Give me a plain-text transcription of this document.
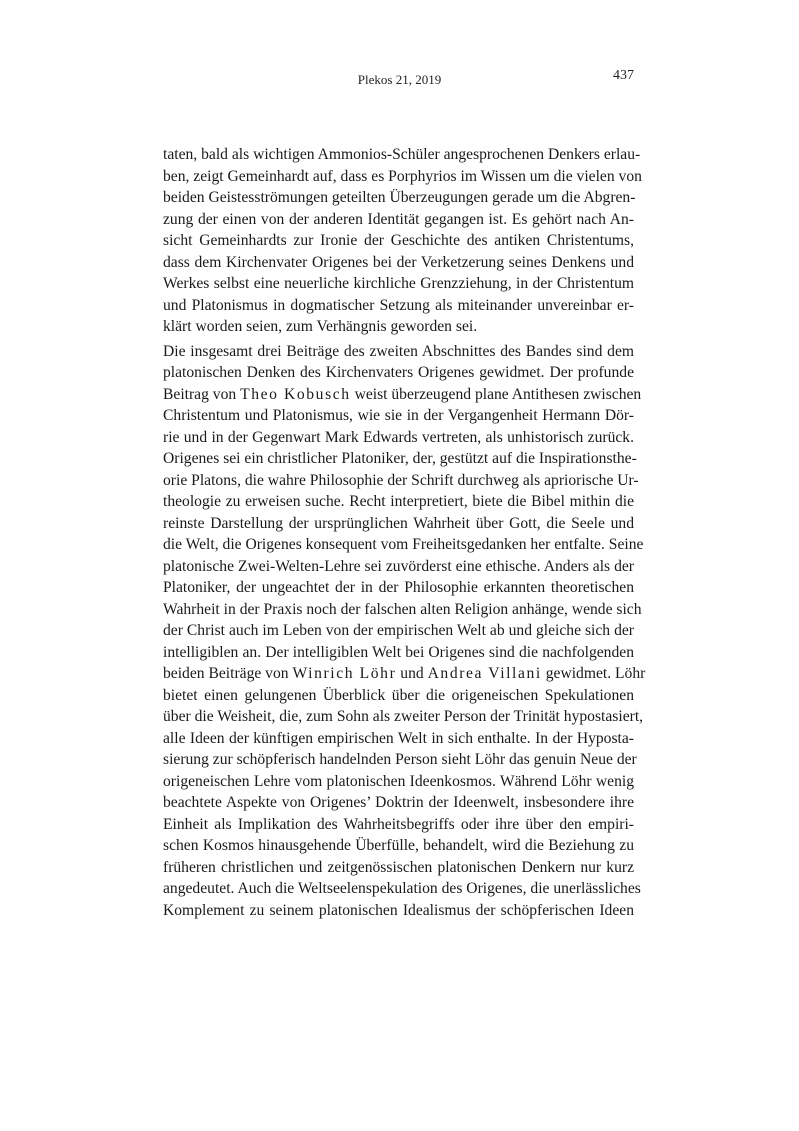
Plekos 21, 2019	437

taten, bald als wichtigen Ammonios-Schüler angesprochenen Denkers erlau-
ben, zeigt Gemeinhardt auf, dass es Porphyrios im Wissen um die vielen von
beiden Geistesströmungen geteilten Überzeugungen gerade um die Abgren-
zung der einen von der anderen Identität gegangen ist. Es gehört nach An-
sicht Gemeinhardts zur Ironie der Geschichte des antiken Christentums,
dass dem Kirchenvater Origenes bei der Verketzerung seines Denkens und
Werkes selbst eine neuerliche kirchliche Grenzziehung, in der Christentum
und Platonismus in dogmatischer Setzung als miteinander unvereinbar er-
klärt worden seien, zum Verhängnis geworden sei.

Die insgesamt drei Beiträge des zweiten Abschnittes des Bandes sind dem
platonischen Denken des Kirchenvaters Origenes gewidmet. Der profunde
Beitrag von Theo Kobusch weist überzeugend plane Antithesen zwischen
Christentum und Platonismus, wie sie in der Vergangenheit Hermann Dör-
rie und in der Gegenwart Mark Edwards vertreten, als unhistorisch zurück.
Origenes sei ein christlicher Platoniker, der, gestützt auf die Inspirationsthe-
orie Platons, die wahre Philosophie der Schrift durchweg als apriorische Ur-
theologie zu erweisen suche. Recht interpretiert, biete die Bibel mithin die
reinste Darstellung der ursprünglichen Wahrheit über Gott, die Seele und
die Welt, die Origenes konsequent vom Freiheitsgedanken her entfalte. Seine
platonische Zwei-Welten-Lehre sei zuvörderst eine ethische. Anders als der
Platoniker, der ungeachtet der in der Philosophie erkannten theoretischen
Wahrheit in der Praxis noch der falschen alten Religion anhänge, wende sich
der Christ auch im Leben von der empirischen Welt ab und gleiche sich der
intelligiblen an. Der intelligiblen Welt bei Origenes sind die nachfolgenden
beiden Beiträge von Winrich Löhr und Andrea Villani gewidmet. Löhr
bietet einen gelungenen Überblick über die origeneischen Spekulationen
über die Weisheit, die, zum Sohn als zweiter Person der Trinität hypostasiert,
alle Ideen der künftigen empirischen Welt in sich enthalte. In der Hyposta-
sierung zur schöpferisch handelnden Person sieht Löhr das genuin Neue der
origeneischen Lehre vom platonischen Ideenkosmos. Während Löhr wenig
beachtete Aspekte von Origenes’ Doktrin der Ideenwelt, insbesondere ihre
Einheit als Implikation des Wahrheitsbegriffs oder ihre über den empiri-
schen Kosmos hinausgehende Überfülle, behandelt, wird die Beziehung zu
früheren christlichen und zeitgenössischen platonischen Denkern nur kurz
angedeutet. Auch die Weltseelenspekulation des Origenes, die unerlässliches
Komplement zu seinem platonischen Idealismus der schöpferischen Ideen
